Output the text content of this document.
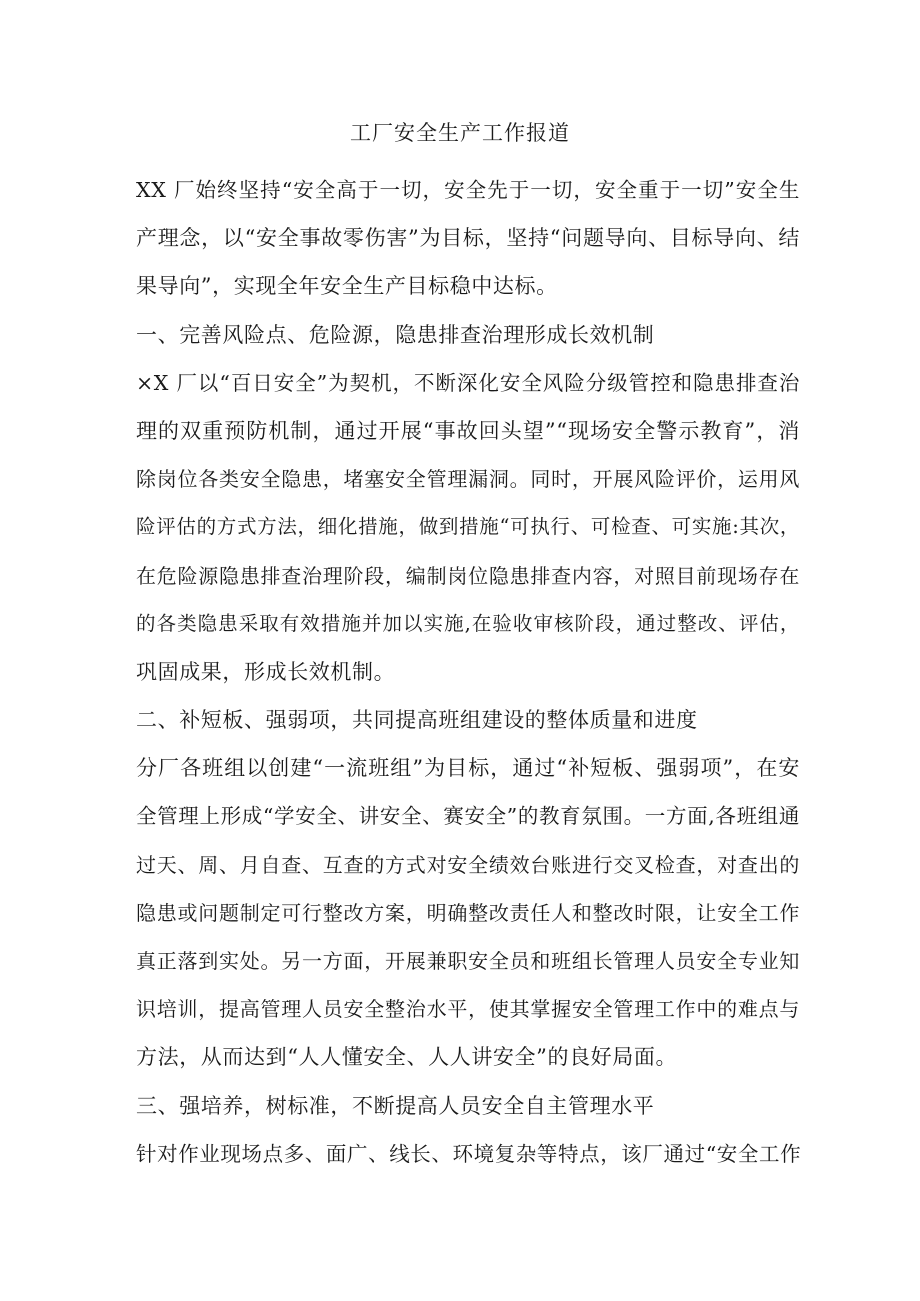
工厂安全生产工作报道

XX 厂始终坚持“安全高于一切，安全先于一切，安全重于一切”安全生

产理念，以“安全事故零伤害”为目标，坚持“问题导向、目标导向、结

果导向”，实现全年安全生产目标稳中达标。

一、完善风险点、危险源，隐患排查治理形成长效机制

×X 厂以“百日安全”为契机，不断深化安全风险分级管控和隐患排查治

理的双重预防机制，通过开展“事故回头望”“现场安全警示教育”，消

除岗位各类安全隐患，堵塞安全管理漏洞。同时，开展风险评价，运用风

险评估的方式方法，细化措施，做到措施“可执行、可检查、可实施:其次，

在危险源隐患排查治理阶段，编制岗位隐患排查内容，对照目前现场存在

的各类隐患采取有效措施并加以实施,在验收审核阶段，通过整改、评估，

巩固成果，形成长效机制。

二、补短板、强弱项，共同提高班组建设的整体质量和进度

分厂各班组以创建“一流班组”为目标，通过“补短板、强弱项”，在安

全管理上形成“学安全、讲安全、赛安全”的教育氛围。一方面,各班组通

过天、周、月自查、互查的方式对安全绩效台账进行交叉检查，对查出的

隐患或问题制定可行整改方案，明确整改责任人和整改时限，让安全工作

真正落到实处。另一方面，开展兼职安全员和班组长管理人员安全专业知

识培训，提高管理人员安全整治水平，使其掌握安全管理工作中的难点与

方法，从而达到“人人懂安全、人人讲安全”的良好局面。

三、强培养，树标准，不断提高人员安全自主管理水平

针对作业现场点多、面广、线长、环境复杂等特点，该厂通过“安全工作
